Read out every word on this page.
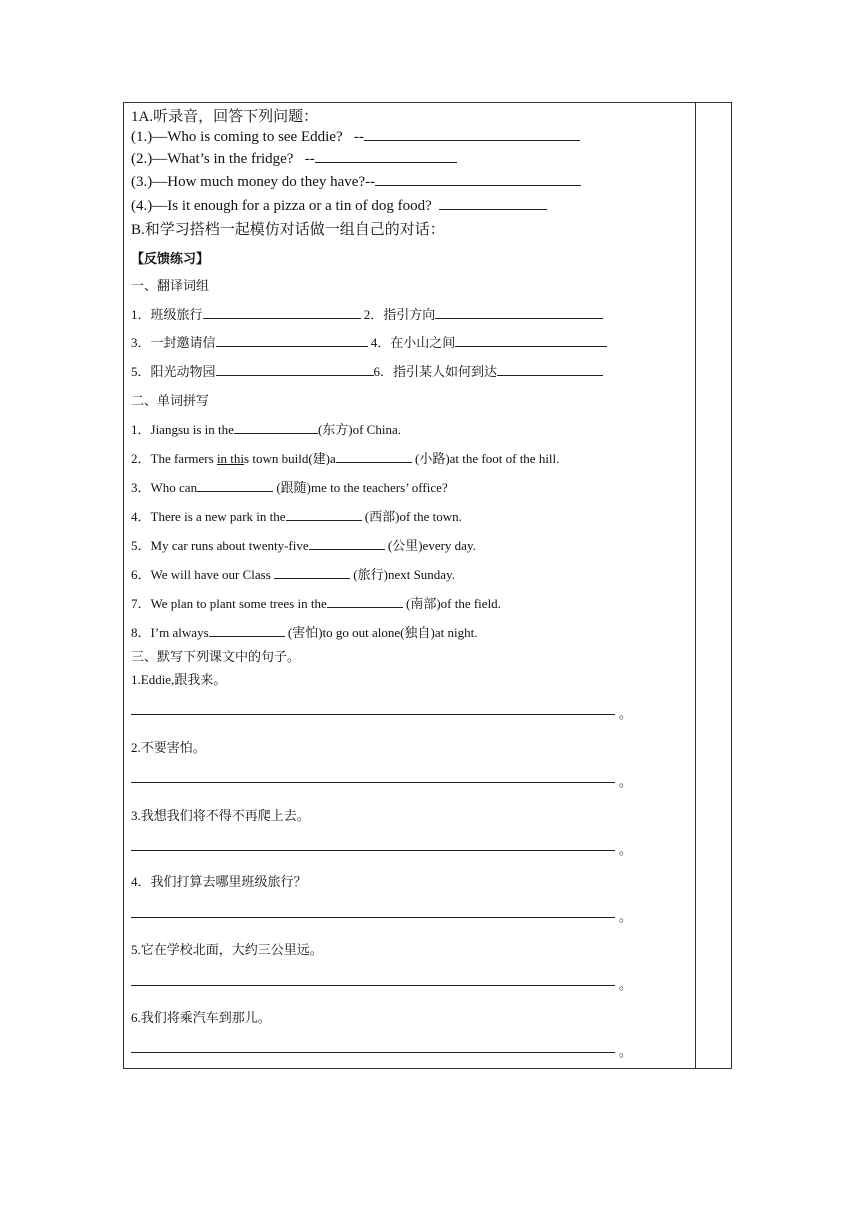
1A.听录音，回答下列问题：
(1.)—Who is coming to see Eddie? --
(2.)—What’s in the fridge? --
(3.)—How much money do they have?--
(4.)—Is it enough for a pizza or a tin of dog food?
B.和学习搭档一起模仿对话做一组自己的对话：
【反馈练习】
一、翻译词组
1．班级旅行	2．指引方向
3．一封邀请信	4．在小山之间
5．阳光动物园	6．指引某人如何到达
二、单词拼写
1．Jiangsu is in the	(东方)of China.
2．The farmers in this town build(建)a	(小路)at the foot of the hill.
3．Who can	(跟随)me to the teachers’ office?
4．There is a new park in the	(西部)of the town.
5．My car runs about twenty-five	(公里)every day.
6．We will have our Class	(旅行)next Sunday.
7．We plan to plant some trees in the	(南部)of the field.
8．I’m always	(害怕)to go out alone(独自)at night.
三、默写下列课文中的句子。
1.Eddie,跟我来。
。
2.不要害怕。
。
3.我想我们将不得不再爬上去。
。
4．我们打算去哪里班级旅行？
。
5.它在学校北面，大约三公里远。
。
6.我们将乘汽车到那儿。
。
